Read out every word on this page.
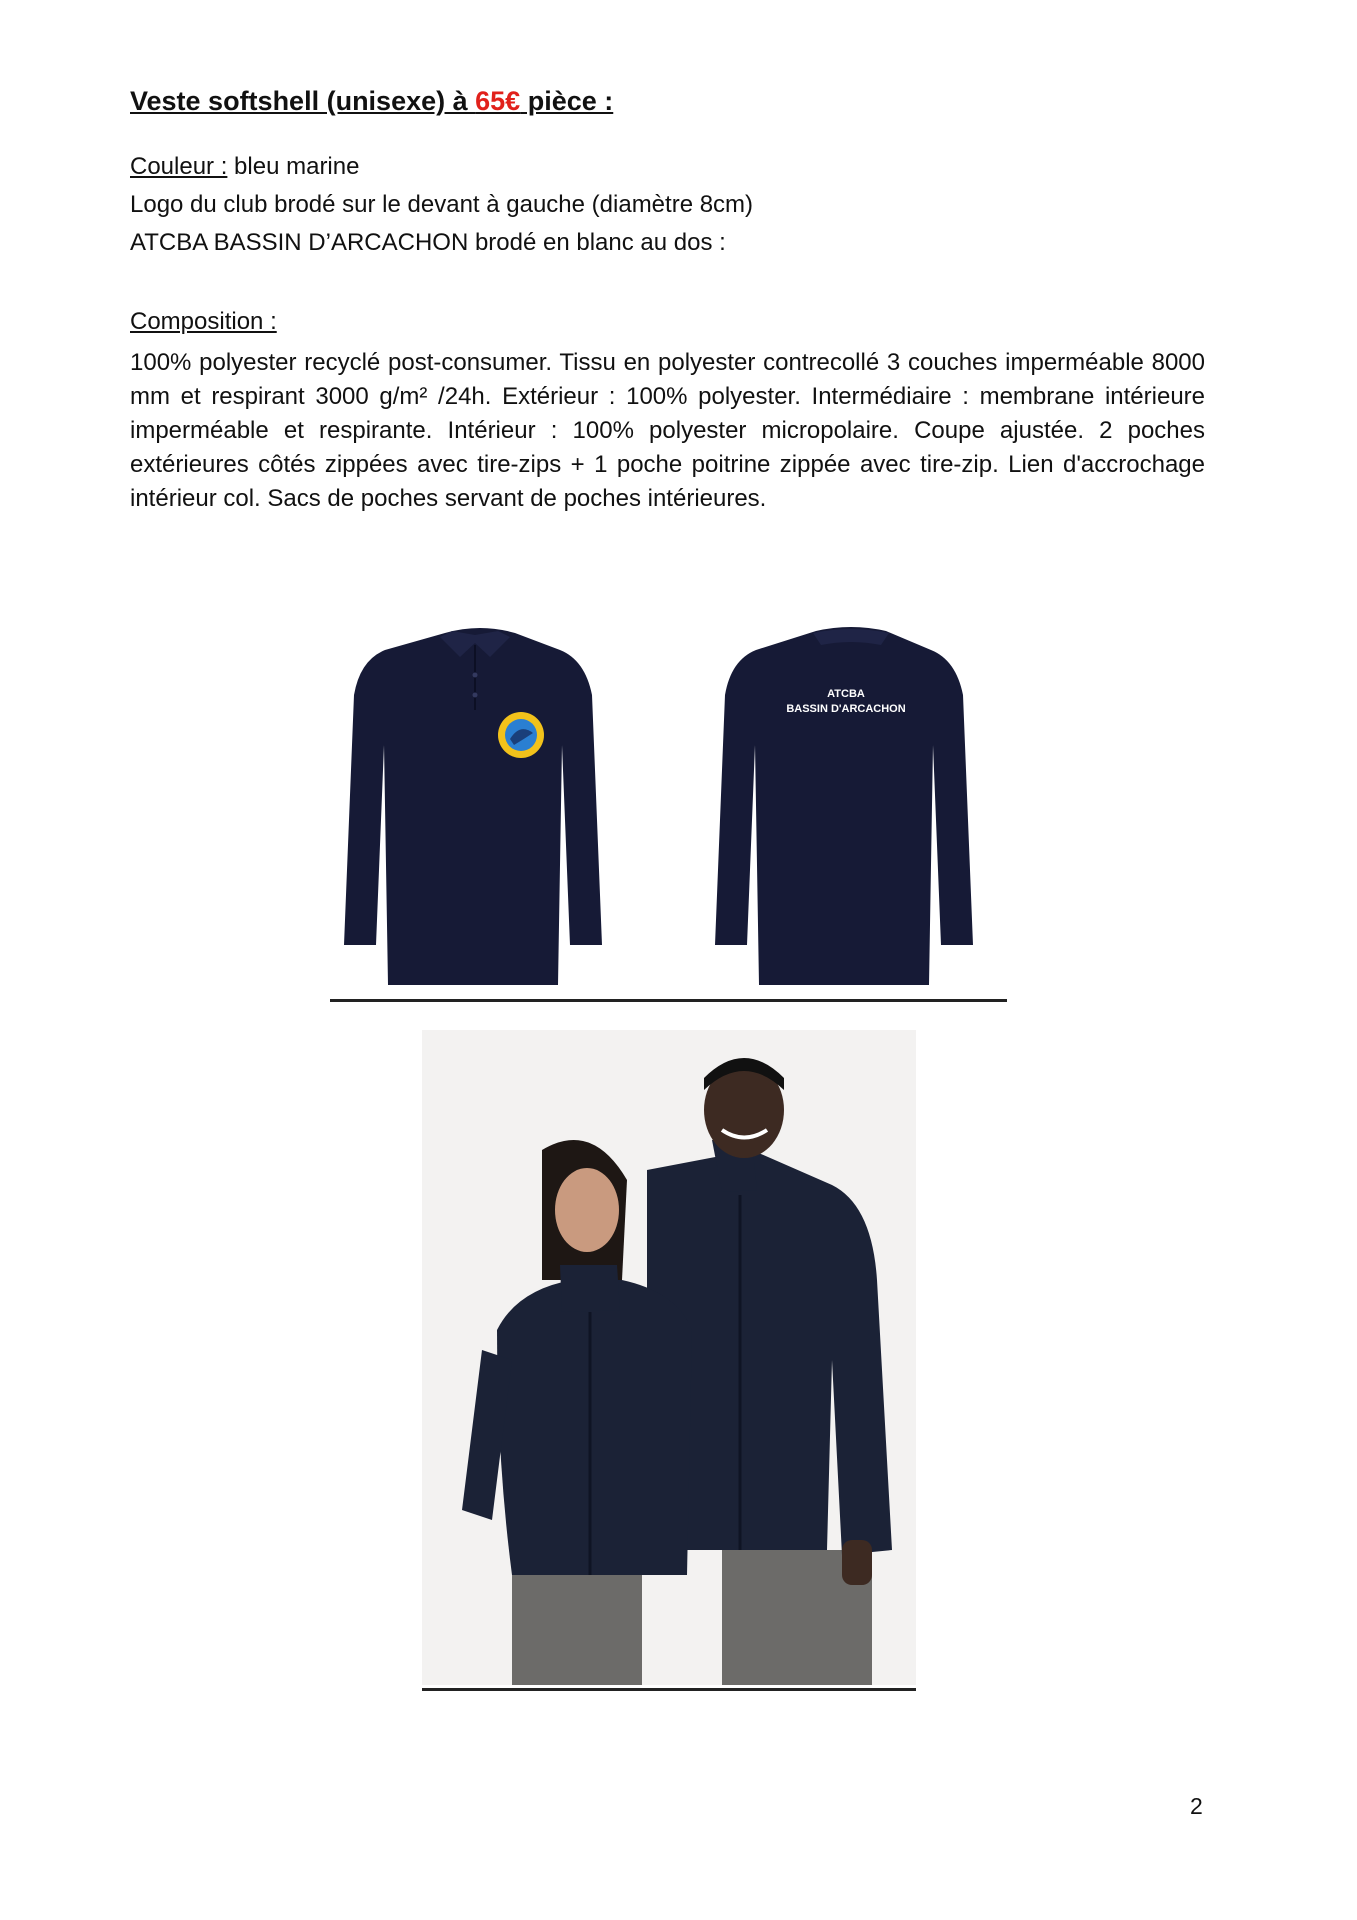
Veste softshell (unisexe) à 65€ pièce :

Couleur : bleu marine

Logo du club brodé sur le devant à gauche (diamètre 8cm)

ATCBA BASSIN D’ARCACHON brodé en blanc au dos :

Composition :

100% polyester recyclé post-consumer. Tissu en polyester contrecollé 3 couches imperméable 8000 mm et respirant 3000 g/m² /24h. Extérieur : 100% polyester. Intermédiaire : membrane intérieure imperméable et respirante. Intérieur : 100% polyester micropolaire. Coupe ajustée. 2 poches extérieures côtés zippées avec tire-zips + 1 poche poitrine zippée avec tire-zip. Lien d'accrochage intérieur col. Sacs de poches servant de poches intérieures.

ATCBA
BASSIN D'ARCACHON

2
